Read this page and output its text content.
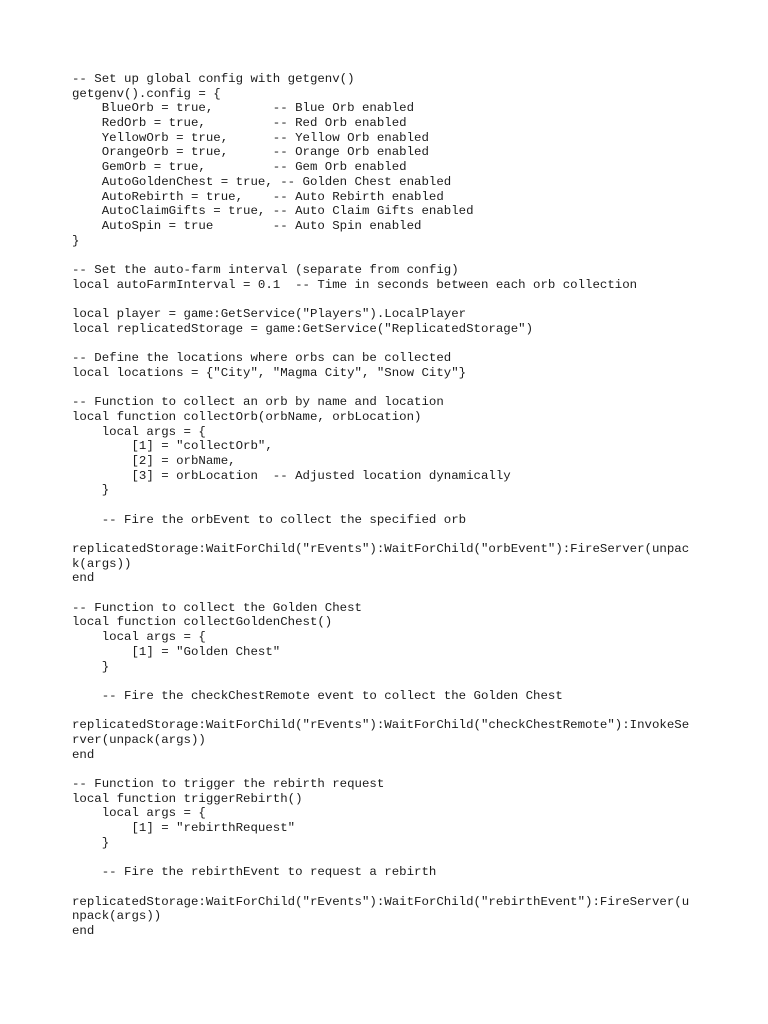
-- Set up global config with getgenv()
getgenv().config = {
BlueOrb = true,        -- Blue Orb enabled
RedOrb = true,         -- Red Orb enabled
YellowOrb = true,      -- Yellow Orb enabled
OrangeOrb = true,      -- Orange Orb enabled
GemOrb = true,         -- Gem Orb enabled
AutoGoldenChest = true, -- Golden Chest enabled
AutoRebirth = true,    -- Auto Rebirth enabled
AutoClaimGifts = true, -- Auto Claim Gifts enabled
AutoSpin = true        -- Auto Spin enabled
}
-- Set the auto-farm interval (separate from config)
local autoFarmInterval = 0.1  -- Time in seconds between each orb collection
local player = game:GetService("Players").LocalPlayer
local replicatedStorage = game:GetService("ReplicatedStorage")
-- Define the locations where orbs can be collected
local locations = {"City", "Magma City", "Snow City"}
-- Function to collect an orb by name and location
local function collectOrb(orbName, orbLocation)
local args = {
[1] = "collectOrb",
[2] = orbName,
[3] = orbLocation  -- Adjusted location dynamically
}
-- Fire the orbEvent to collect the specified orb
replicatedStorage:WaitForChild("rEvents"):WaitForChild("orbEvent"):FireServer(unpac
k(args))
end
-- Function to collect the Golden Chest
local function collectGoldenChest()
local args = {
[1] = "Golden Chest"
}
-- Fire the checkChestRemote event to collect the Golden Chest
replicatedStorage:WaitForChild("rEvents"):WaitForChild("checkChestRemote"):InvokeSe
rver(unpack(args))
end
-- Function to trigger the rebirth request
local function triggerRebirth()
local args = {
[1] = "rebirthRequest"
}
-- Fire the rebirthEvent to request a rebirth
replicatedStorage:WaitForChild("rEvents"):WaitForChild("rebirthEvent"):FireServer(u
npack(args))
end
